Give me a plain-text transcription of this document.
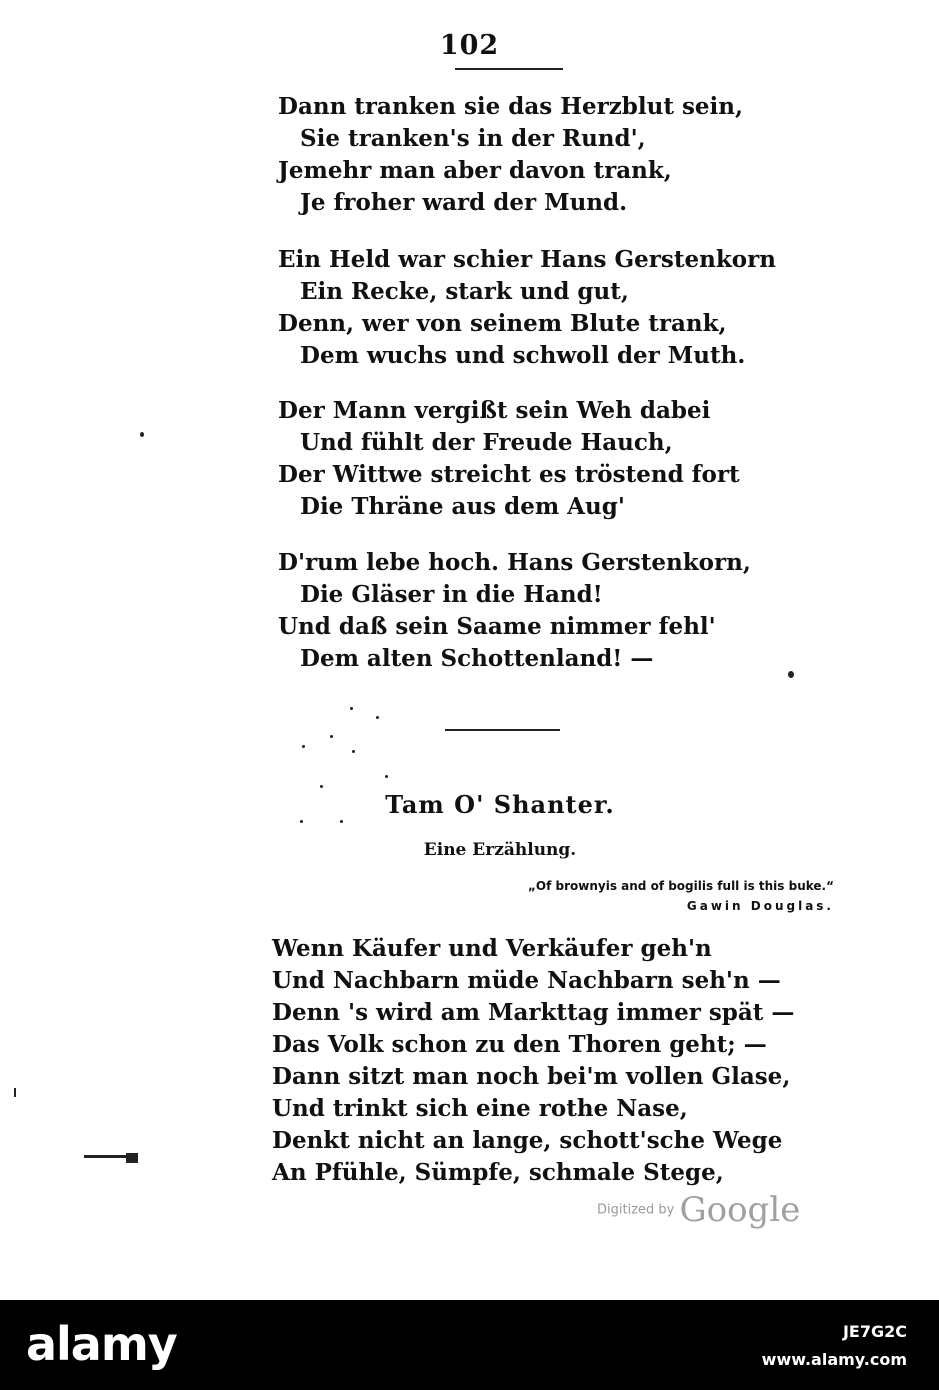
102
Dann tranken sie das Herzblut sein,
Sie tranken's in der Rund',
Jemehr man aber davon trank,
Je froher ward der Mund.
Ein Held war schier Hans Gerstenkorn
Ein Recke, stark und gut,
Denn, wer von seinem Blute trank,
Dem wuchs und schwoll der Muth.
Der Mann vergißt sein Weh dabei
Und fühlt der Freude Hauch,
Der Wittwe streicht es tröstend fort
Die Thräne aus dem Aug'
D'rum lebe hoch. Hans Gerstenkorn,
Die Gläser in die Hand!
Und daß sein Saame nimmer fehl'
Dem alten Schottenland! —
Tam O' Shanter.
Eine Erzählung.
„Of brownyis and of bogilis full is this buke.“
Gawin Douglas.
Wenn Käufer und Verkäufer geh'n
Und Nachbarn müde Nachbarn seh'n —
Denn 's wird am Markttag immer spät —
Das Volk schon zu den Thoren geht; —
Dann sitzt man noch bei'm vollen Glase,
Und trinkt sich eine rothe Nase,
Denkt nicht an lange, schott'sche Wege
An Pfühle, Sümpfe, schmale Stege,
Digitized by Google
alamy	JE7G2C
www.alamy.com
